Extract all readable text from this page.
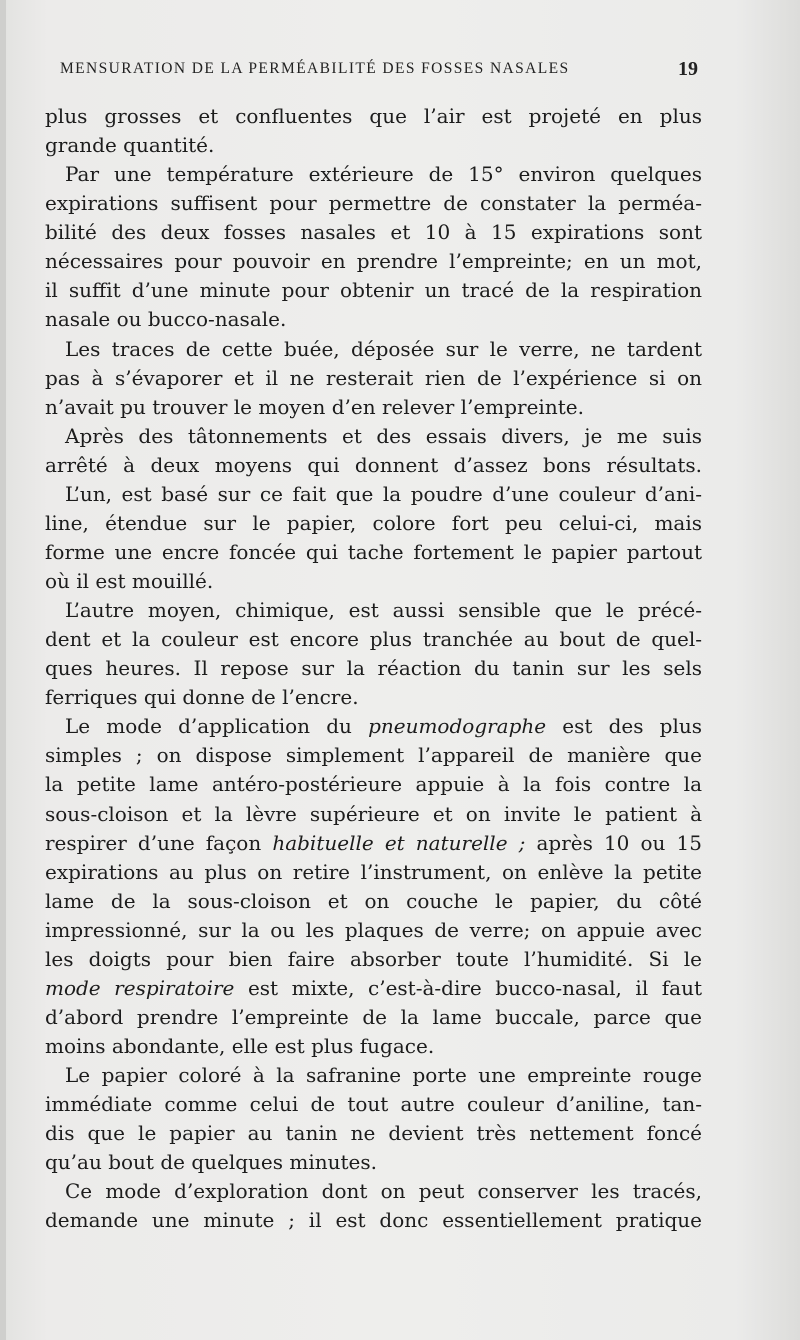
MENSURATION DE LA PERMÉABILITÉ DES FOSSES NASALES	19
plus grosses et confluentes que l’air est projeté en plus
grande quantité.
Par une température extérieure de 15° environ quelques
expirations suffisent pour permettre de constater la perméa-
bilité des deux fosses nasales et 10 à 15 expirations sont
nécessaires pour pouvoir en prendre l’empreinte; en un mot,
il suffit d’une minute pour obtenir un tracé de la respiration
nasale ou bucco-nasale.
Les traces de cette buée, déposée sur le verre, ne tardent
pas à s’évaporer et il ne resterait rien de l’expérience si on
n’avait pu trouver le moyen d’en relever l’empreinte.
Après des tâtonnements et des essais divers, je me suis
arrêté à deux moyens qui donnent d’assez bons résultats.
L’un, est basé sur ce fait que la poudre d’une couleur d’ani-
line, étendue sur le papier, colore fort peu celui-ci, mais
forme une encre foncée qui tache fortement le papier partout
où il est mouillé.
L’autre moyen, chimique, est aussi sensible que le précé-
dent et la couleur est encore plus tranchée au bout de quel-
ques heures. Il repose sur la réaction du tanin sur les sels
ferriques qui donne de l’encre.
Le mode d’application du pneumodographe est des plus
simples ; on dispose simplement l’appareil de manière que
la petite lame antéro-postérieure appuie à la fois contre la
sous-cloison et la lèvre supérieure et on invite le patient à
respirer d’une façon habituelle et naturelle ; après 10 ou 15
expirations au plus on retire l’instrument, on enlève la petite
lame de la sous-cloison et on couche le papier, du côté
impressionné, sur la ou les plaques de verre; on appuie avec
les doigts pour bien faire absorber toute l’humidité. Si le
mode respiratoire est mixte, c’est-à-dire bucco-nasal, il faut
d’abord prendre l’empreinte de la lame buccale, parce que
moins abondante, elle est plus fugace.
Le papier coloré à la safranine porte une empreinte rouge
immédiate comme celui de tout autre couleur d’aniline, tan-
dis que le papier au tanin ne devient très nettement foncé
qu’au bout de quelques minutes.
Ce mode d’exploration dont on peut conserver les tracés,
demande une minute ; il est donc essentiellement pratique
